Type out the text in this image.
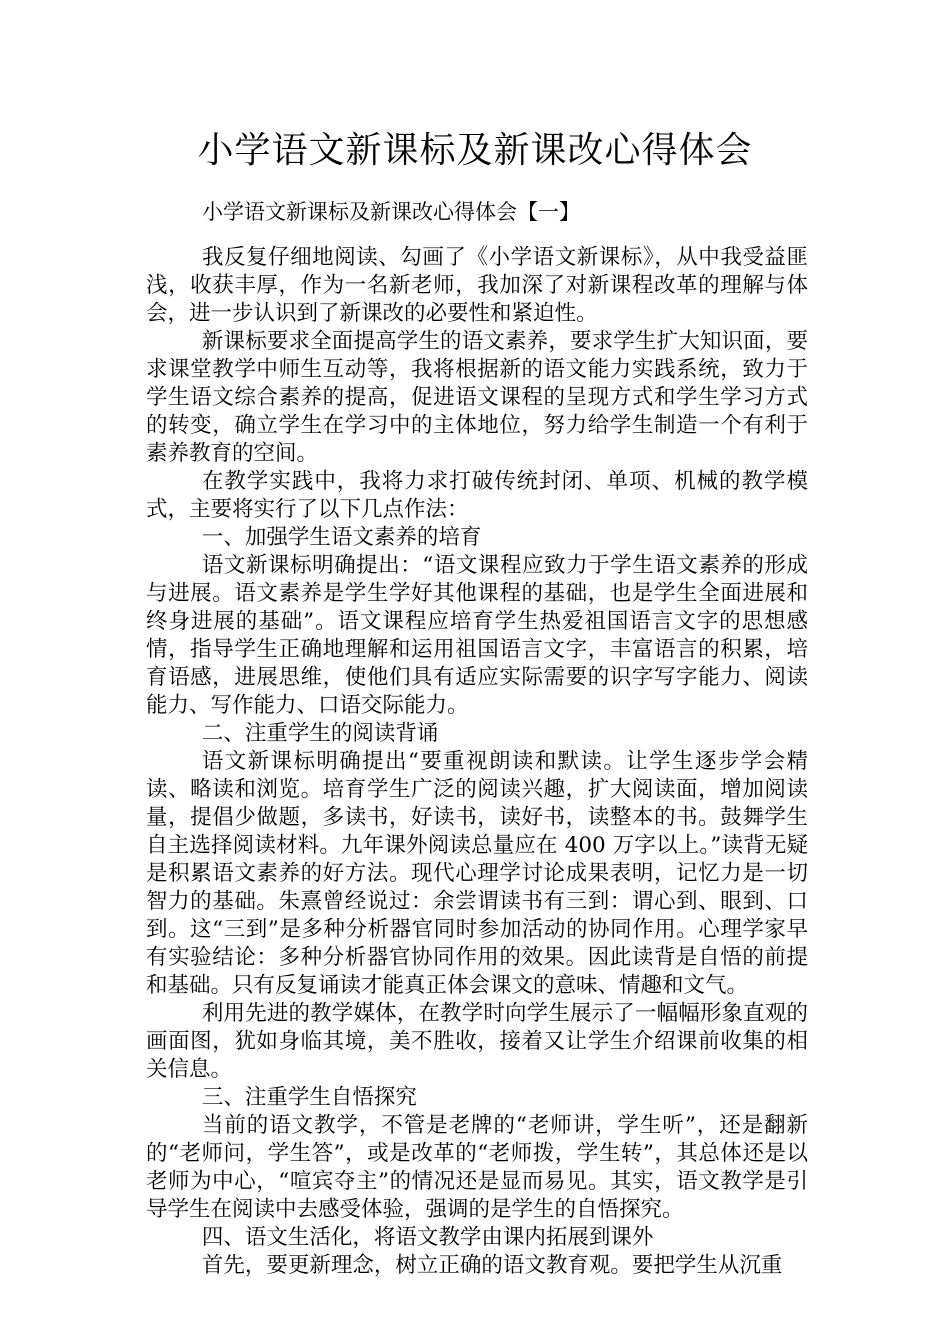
小学语文新课标及新课改心得体会
小学语文新课标及新课改心得体会【一】

我反复仔细地阅读、勾画了《小学语文新课标》，从中我受益匪浅，收获丰厚，作为一名新老师，我加深了对新课程改革的理解与体会，进一步认识到了新课改的必要性和紧迫性。

新课标要求全面提高学生的语文素养，要求学生扩大知识面，要求课堂教学中师生互动等，我将根据新的语文能力实践系统，致力于学生语文综合素养的提高，促进语文课程的呈现方式和学生学习方式的转变，确立学生在学习中的主体地位，努力给学生制造一个有利于素养教育的空间。

在教学实践中，我将力求打破传统封闭、单项、机械的教学模式，主要将实行了以下几点作法：

一、加强学生语文素养的培育

语文新课标明确提出：“语文课程应致力于学生语文素养的形成与进展。语文素养是学生学好其他课程的基础，也是学生全面进展和终身进展的基础”。语文课程应培育学生热爱祖国语言文字的思想感情，指导学生正确地理解和运用祖国语言文字，丰富语言的积累，培育语感，进展思维，使他们具有适应实际需要的识字写字能力、阅读能力、写作能力、口语交际能力。

二、注重学生的阅读背诵

语文新课标明确提出“要重视朗读和默读。让学生逐步学会精读、略读和浏览。培育学生广泛的阅读兴趣，扩大阅读面，增加阅读量，提倡少做题，多读书，好读书，读好书，读整本的书。鼓舞学生自主选择阅读材料。九年课外阅读总量应在 400 万字以上。”读背无疑是积累语文素养的好方法。现代心理学讨论成果表明，记忆力是一切智力的基础。朱熹曾经说过：余尝谓读书有三到：谓心到、眼到、口到。这“三到”是多种分析器官同时参加活动的协同作用。心理学家早有实验结论：多种分析器官协同作用的效果。因此读背是自悟的前提和基础。只有反复诵读才能真正体会课文的意味、情趣和文气。

利用先进的教学媒体，在教学时向学生展示了一幅幅形象直观的画面图，犹如身临其境，美不胜收，接着又让学生介绍课前收集的相关信息。

三、注重学生自悟探究

当前的语文教学，不管是老牌的“老师讲，学生听”，还是翻新的“老师问，学生答”，或是改革的“老师拨，学生转”，其总体还是以老师为中心，“喧宾夺主”的情况还是显而易见。其实，语文教学是引导学生在阅读中去感受体验，强调的是学生的自悟探究。

四、语文生活化，将语文教学由课内拓展到课外

首先，要更新理念，树立正确的语文教育观。要把学生从沉重
